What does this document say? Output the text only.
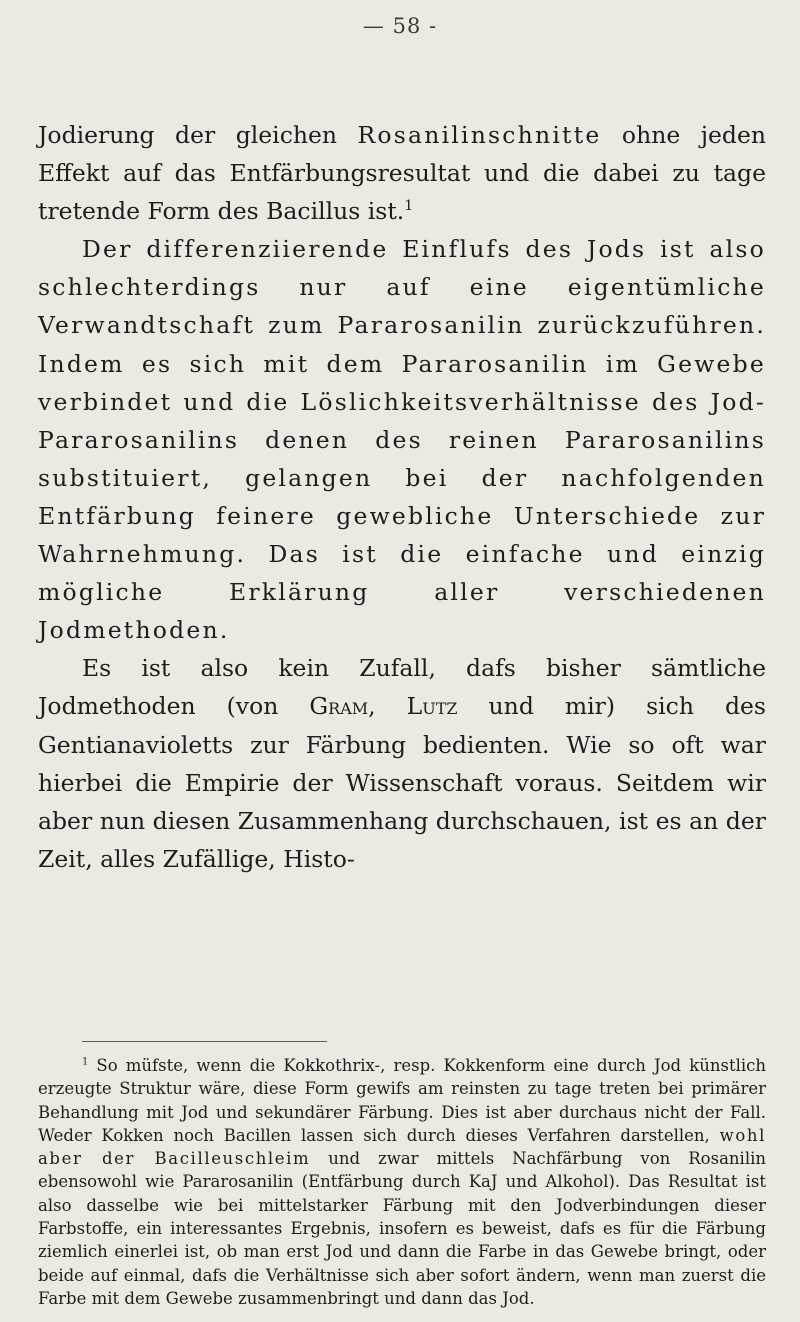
— 58 -

Jodierung der gleichen Rosanilinschnitte ohne jeden Effekt auf das Entfärbungsresultat und die dabei zu tage tretende Form des Bacillus ist.$^1$

Der differenziierende Einflufs des Jods ist also schlechterdings nur auf eine eigentümliche Verwandtschaft zum Pararosanilin zurückzuführen. Indem es sich mit dem Pararosanilin im Gewebe verbindet und die Löslichkeitsverhältnisse des Jod-Pararosanilins denen des reinen Pararosanilins substituiert, gelangen bei der nachfolgenden Entfärbung feinere gewebliche Unterschiede zur Wahrnehmung. Das ist die einfache und einzig mögliche Erklärung aller verschiedenen Jodmethoden.

Es ist also kein Zufall, dafs bisher sämtliche Jodmethoden (von Gram, Lutz und mir) sich des Gentianavioletts zur Färbung bedienten. Wie so oft war hierbei die Empirie der Wissenschaft voraus. Seitdem wir aber nun diesen Zusammenhang durchschauen, ist es an der Zeit, alles Zufällige, Histo-

$^1$ So müfste, wenn die Kokkothrix-, resp. Kokkenform eine durch Jod künstlich erzeugte Struktur wäre, diese Form gewifs am reinsten zu tage treten bei primärer Behandlung mit Jod und sekundärer Färbung. Dies ist aber durchaus nicht der Fall. Weder Kokken noch Bacillen lassen sich durch dieses Verfahren darstellen, wohl aber der Bacilleuschleim und zwar mittels Nachfärbung von Rosanilin ebensowohl wie Pararosanilin (Entfärbung durch KaJ und Alkohol). Das Resultat ist also dasselbe wie bei mittelstarker Färbung mit den Jodverbindungen dieser Farbstoffe, ein interessantes Ergebnis, insofern es beweist, dafs es für die Färbung ziemlich einerlei ist, ob man erst Jod und dann die Farbe in das Gewebe bringt, oder beide auf einmal, dafs die Verhältnisse sich aber sofort ändern, wenn man zuerst die Farbe mit dem Gewebe zusammenbringt und dann das Jod.
